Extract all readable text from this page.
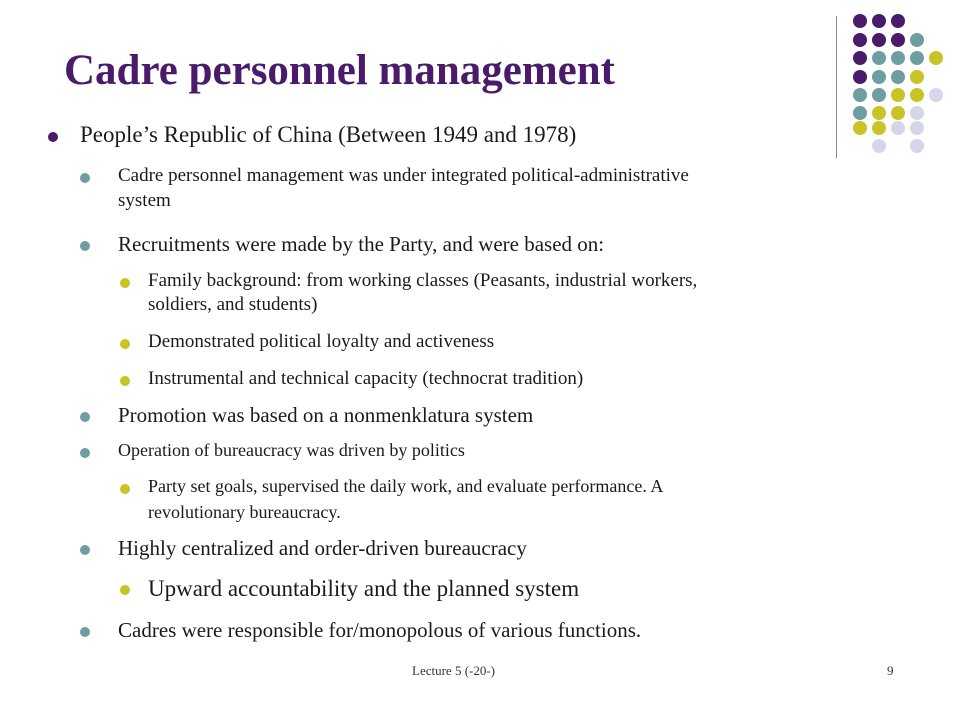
Cadre personnel management
People’s Republic of China (Between 1949 and 1978)
Cadre personnel management was under integrated political-administrative
system
Recruitments were made by the Party, and were based on:
Family background: from working classes (Peasants, industrial workers,
soldiers, and students)
Demonstrated political loyalty and activeness
Instrumental and technical capacity (technocrat tradition)
Promotion was based on a nonmenklatura system
Operation of bureaucracy was driven by politics
Party set goals, supervised the daily work, and evaluate performance. A
revolutionary bureaucracy.
Highly centralized and order-driven bureaucracy
Upward accountability and the planned system
Cadres were responsible for/monopolous of various functions.
Lecture 5 (-20-)	9
